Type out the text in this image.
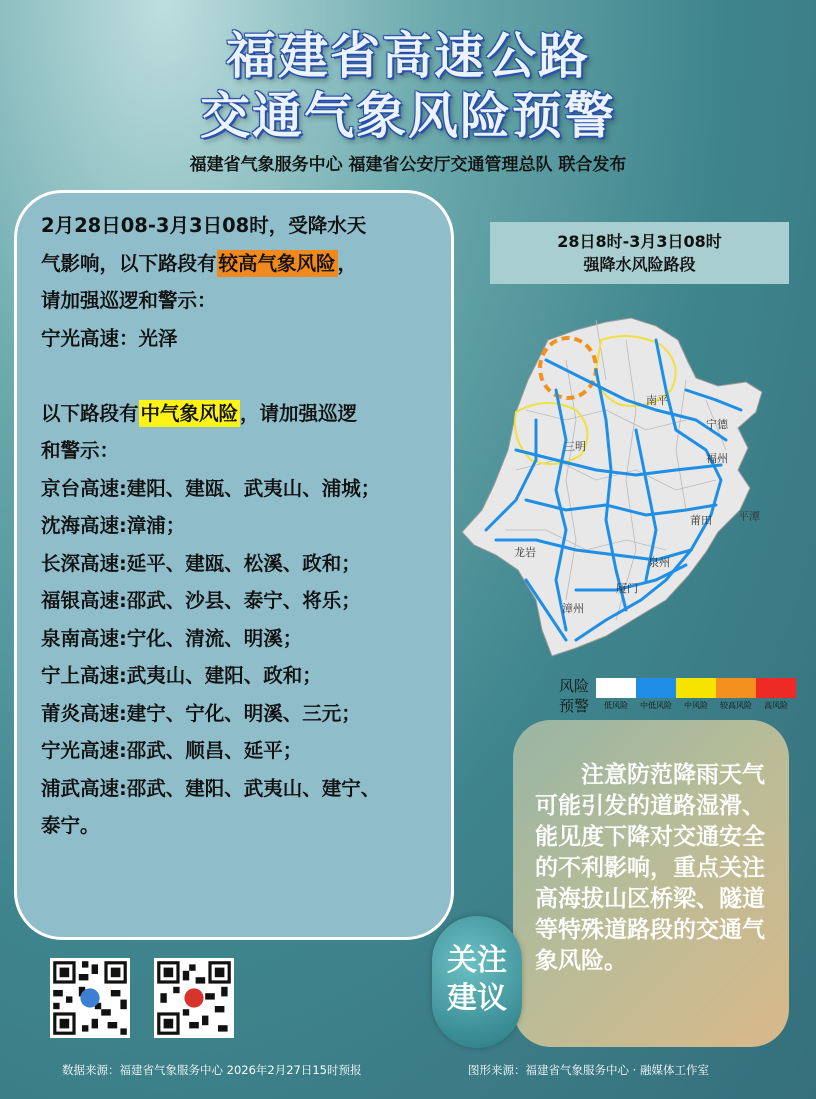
福建省高速公路
交通气象风险预警
福建省气象服务中心 福建省公安厅交通管理总队 联合发布
2月28日08-3月3日08时，受降水天
气影响，以下路段有 较高气象风险 ，
请加强巡逻和警示：
宁光高速：光泽
以下路段有 中气象风险 ，请加强巡逻
和警示：
京台高速:建阳、建瓯、武夷山、浦城；
沈海高速:漳浦；
长深高速:延平、建瓯、松溪、政和；
福银高速:邵武、沙县、泰宁、将乐；
泉南高速:宁化、清流、明溪；
宁上高速:武夷山、建阳、政和；
莆炎高速:建宁、宁化、明溪、三元；
宁光高速:邵武、顺昌、延平；
浦武高速:邵武、建阳、武夷山、建宁、
泰宁。
28日8时-3月3日08时
强降水风险路段
南平
宁德
三明
福州
莆田 平潭
龙岩
泉州
厦门
漳州
风险预警	低风险	中低风险	中风险	较高风险	高风险
注意防范降雨天气可能引发的道路湿滑、能见度下降对交通安全的不利影响，重点关注高海拔山区桥梁、隧道等特殊道路段的交通气象风险。
关注
建议
数据来源：福建省气象服务中心 2026年2月27日15时预报	图形来源：福建省气象服务中心 · 融媒体工作室
